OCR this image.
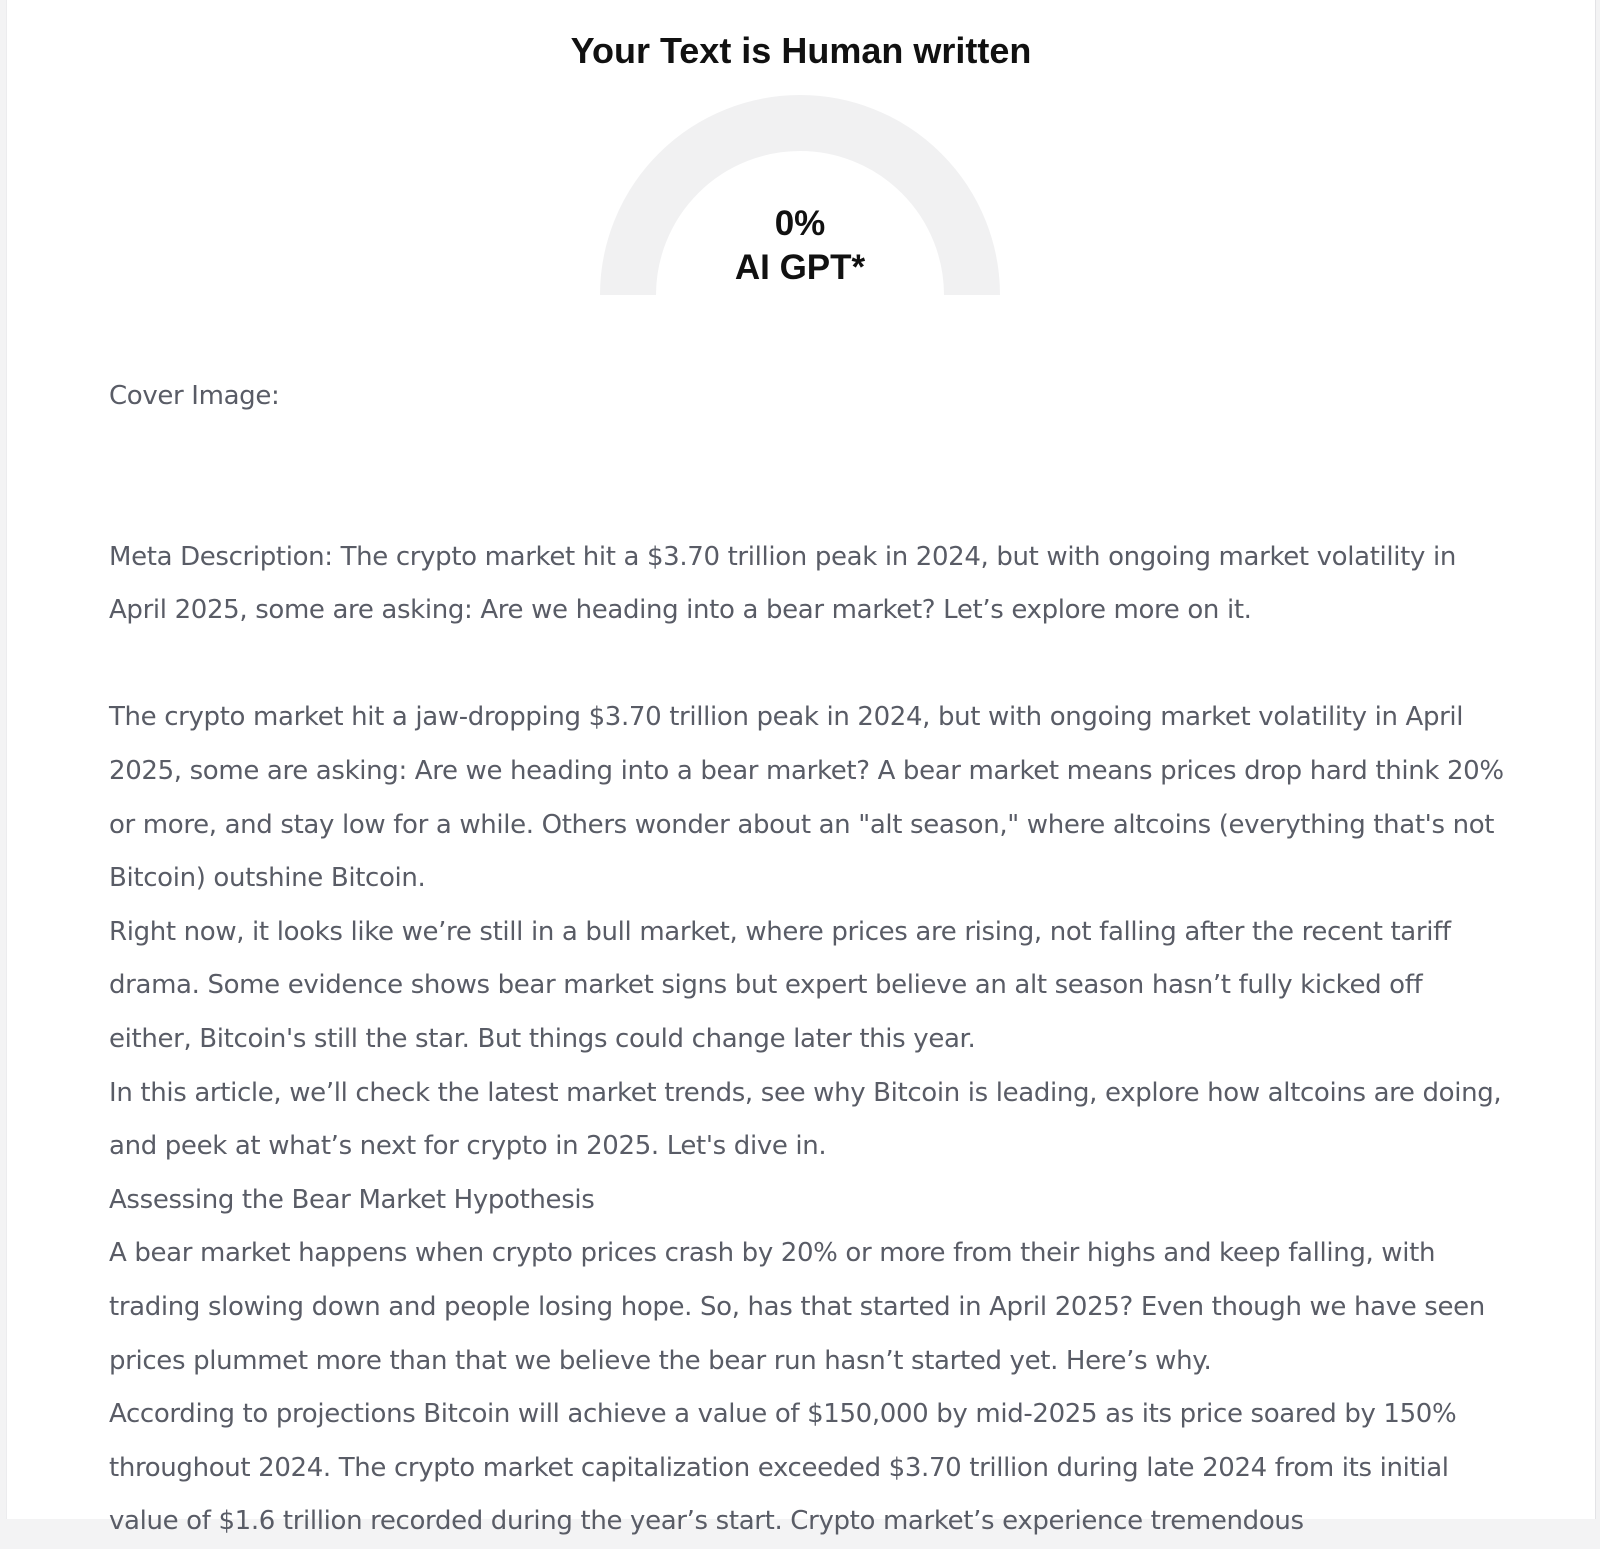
Your Text is Human written
0%
AI GPT*

Cover Image:

Meta Description: The crypto market hit a $3.70 trillion peak in 2024, but with ongoing market volatility in April 2025, some are asking: Are we heading into a bear market? Let’s explore more on it.

The crypto market hit a jaw-dropping $3.70 trillion peak in 2024, but with ongoing market volatility in April 2025, some are asking: Are we heading into a bear market? A bear market means prices drop hard think 20% or more, and stay low for a while. Others wonder about an "alt season," where altcoins (everything that's not Bitcoin) outshine Bitcoin.

Right now, it looks like we’re still in a bull market, where prices are rising, not falling after the recent tariff drama. Some evidence shows bear market signs but expert believe an alt season hasn’t fully kicked off either, Bitcoin's still the star. But things could change later this year.

In this article, we’ll check the latest market trends, see why Bitcoin is leading, explore how altcoins are doing, and peek at what’s next for crypto in 2025. Let's dive in.

Assessing the Bear Market Hypothesis

A bear market happens when crypto prices crash by 20% or more from their highs and keep falling, with trading slowing down and people losing hope. So, has that started in April 2025? Even though we have seen prices plummet more than that we believe the bear run hasn’t started yet. Here’s why.

According to projections Bitcoin will achieve a value of $150,000 by mid-2025 as its price soared by 150% throughout 2024. The crypto market capitalization exceeded $3.70 trillion during late 2024 from its initial value of $1.6 trillion recorded during the year’s start. Crypto market’s experience tremendous
